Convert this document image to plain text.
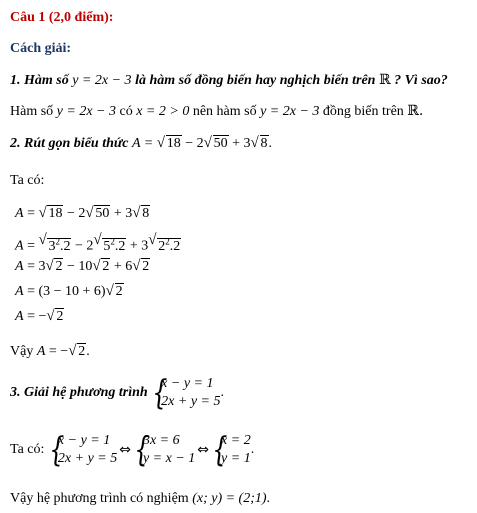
Câu 1 (2,0 điểm):
Cách giải:
1. Hàm số y = 2x − 3 là hàm số đồng biến hay nghịch biến trên ℝ ? Vì sao?
Hàm số y = 2x − 3 có x = 2 > 0 nên hàm số y = 2x − 3 đồng biến trên ℝ.
2. Rút gọn biểu thức A = √ 18 − 2√ 50 + 3√ 8.
Ta có:
A = √ 18 − 2√ 50 + 3√ 8
A = √ $3^2.2 - 2√$ $5^2.2 + 3√$ $2^2.2$
A = 3√ 2 − 10√ 2 + 6√ 2
A = (3 − 10 + 6)√ 2
A = −√ 2
Vậy A = −√ 2.
3. Giải hệ phương trình {
x − y = 1
2x + y = 5
.
Ta có: {
x − y = 1
2x + y = 5
⇔ {
3x = 6
y = x − 1
⇔ {
x = 2
y = 1
.
Vậy hệ phương trình có nghiệm (x; y) = (2;1).
